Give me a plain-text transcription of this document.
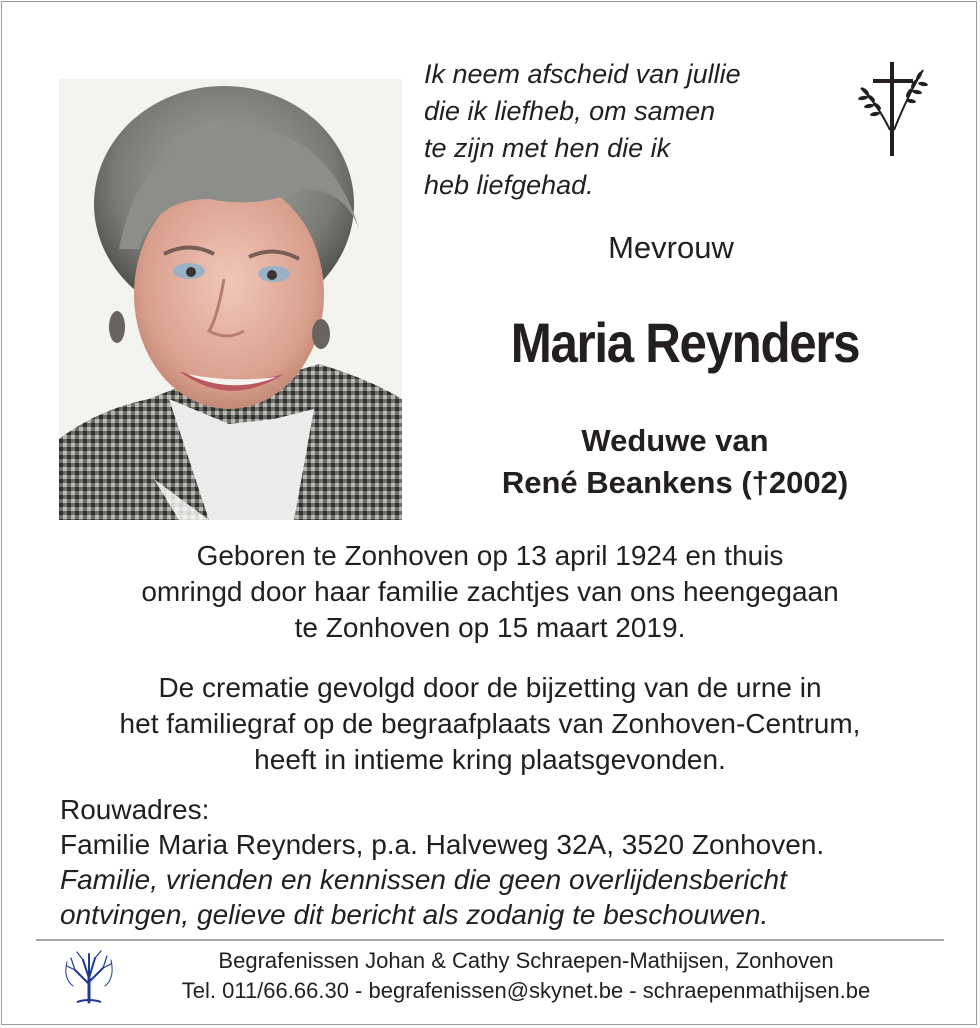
Ik neem afscheid van jullie
die ik liefheb, om samen
te zijn met hen die ik
heb liefgehad.
Mevrouw
Maria Reynders
Weduwe van
René Beankens (†2002)
Geboren te Zonhoven op 13 april 1924 en thuis
omringd door haar familie zachtjes van ons heengegaan
te Zonhoven op 15 maart 2019.
De crematie gevolgd door de bijzetting van de urne in
het familiegraf op de begraafplaats van Zonhoven-Centrum,
heeft in intieme kring plaatsgevonden.
Rouwadres:
Familie Maria Reynders, p.a. Halveweg 32A, 3520 Zonhoven.
Familie, vrienden en kennissen die geen overlijdensbericht
ontvingen, gelieve dit bericht als zodanig te beschouwen.
Begrafenissen Johan & Cathy Schraepen-Mathijsen, Zonhoven
Tel. 011/66.66.30 - begrafenissen@skynet.be - schraepenmathijsen.be
